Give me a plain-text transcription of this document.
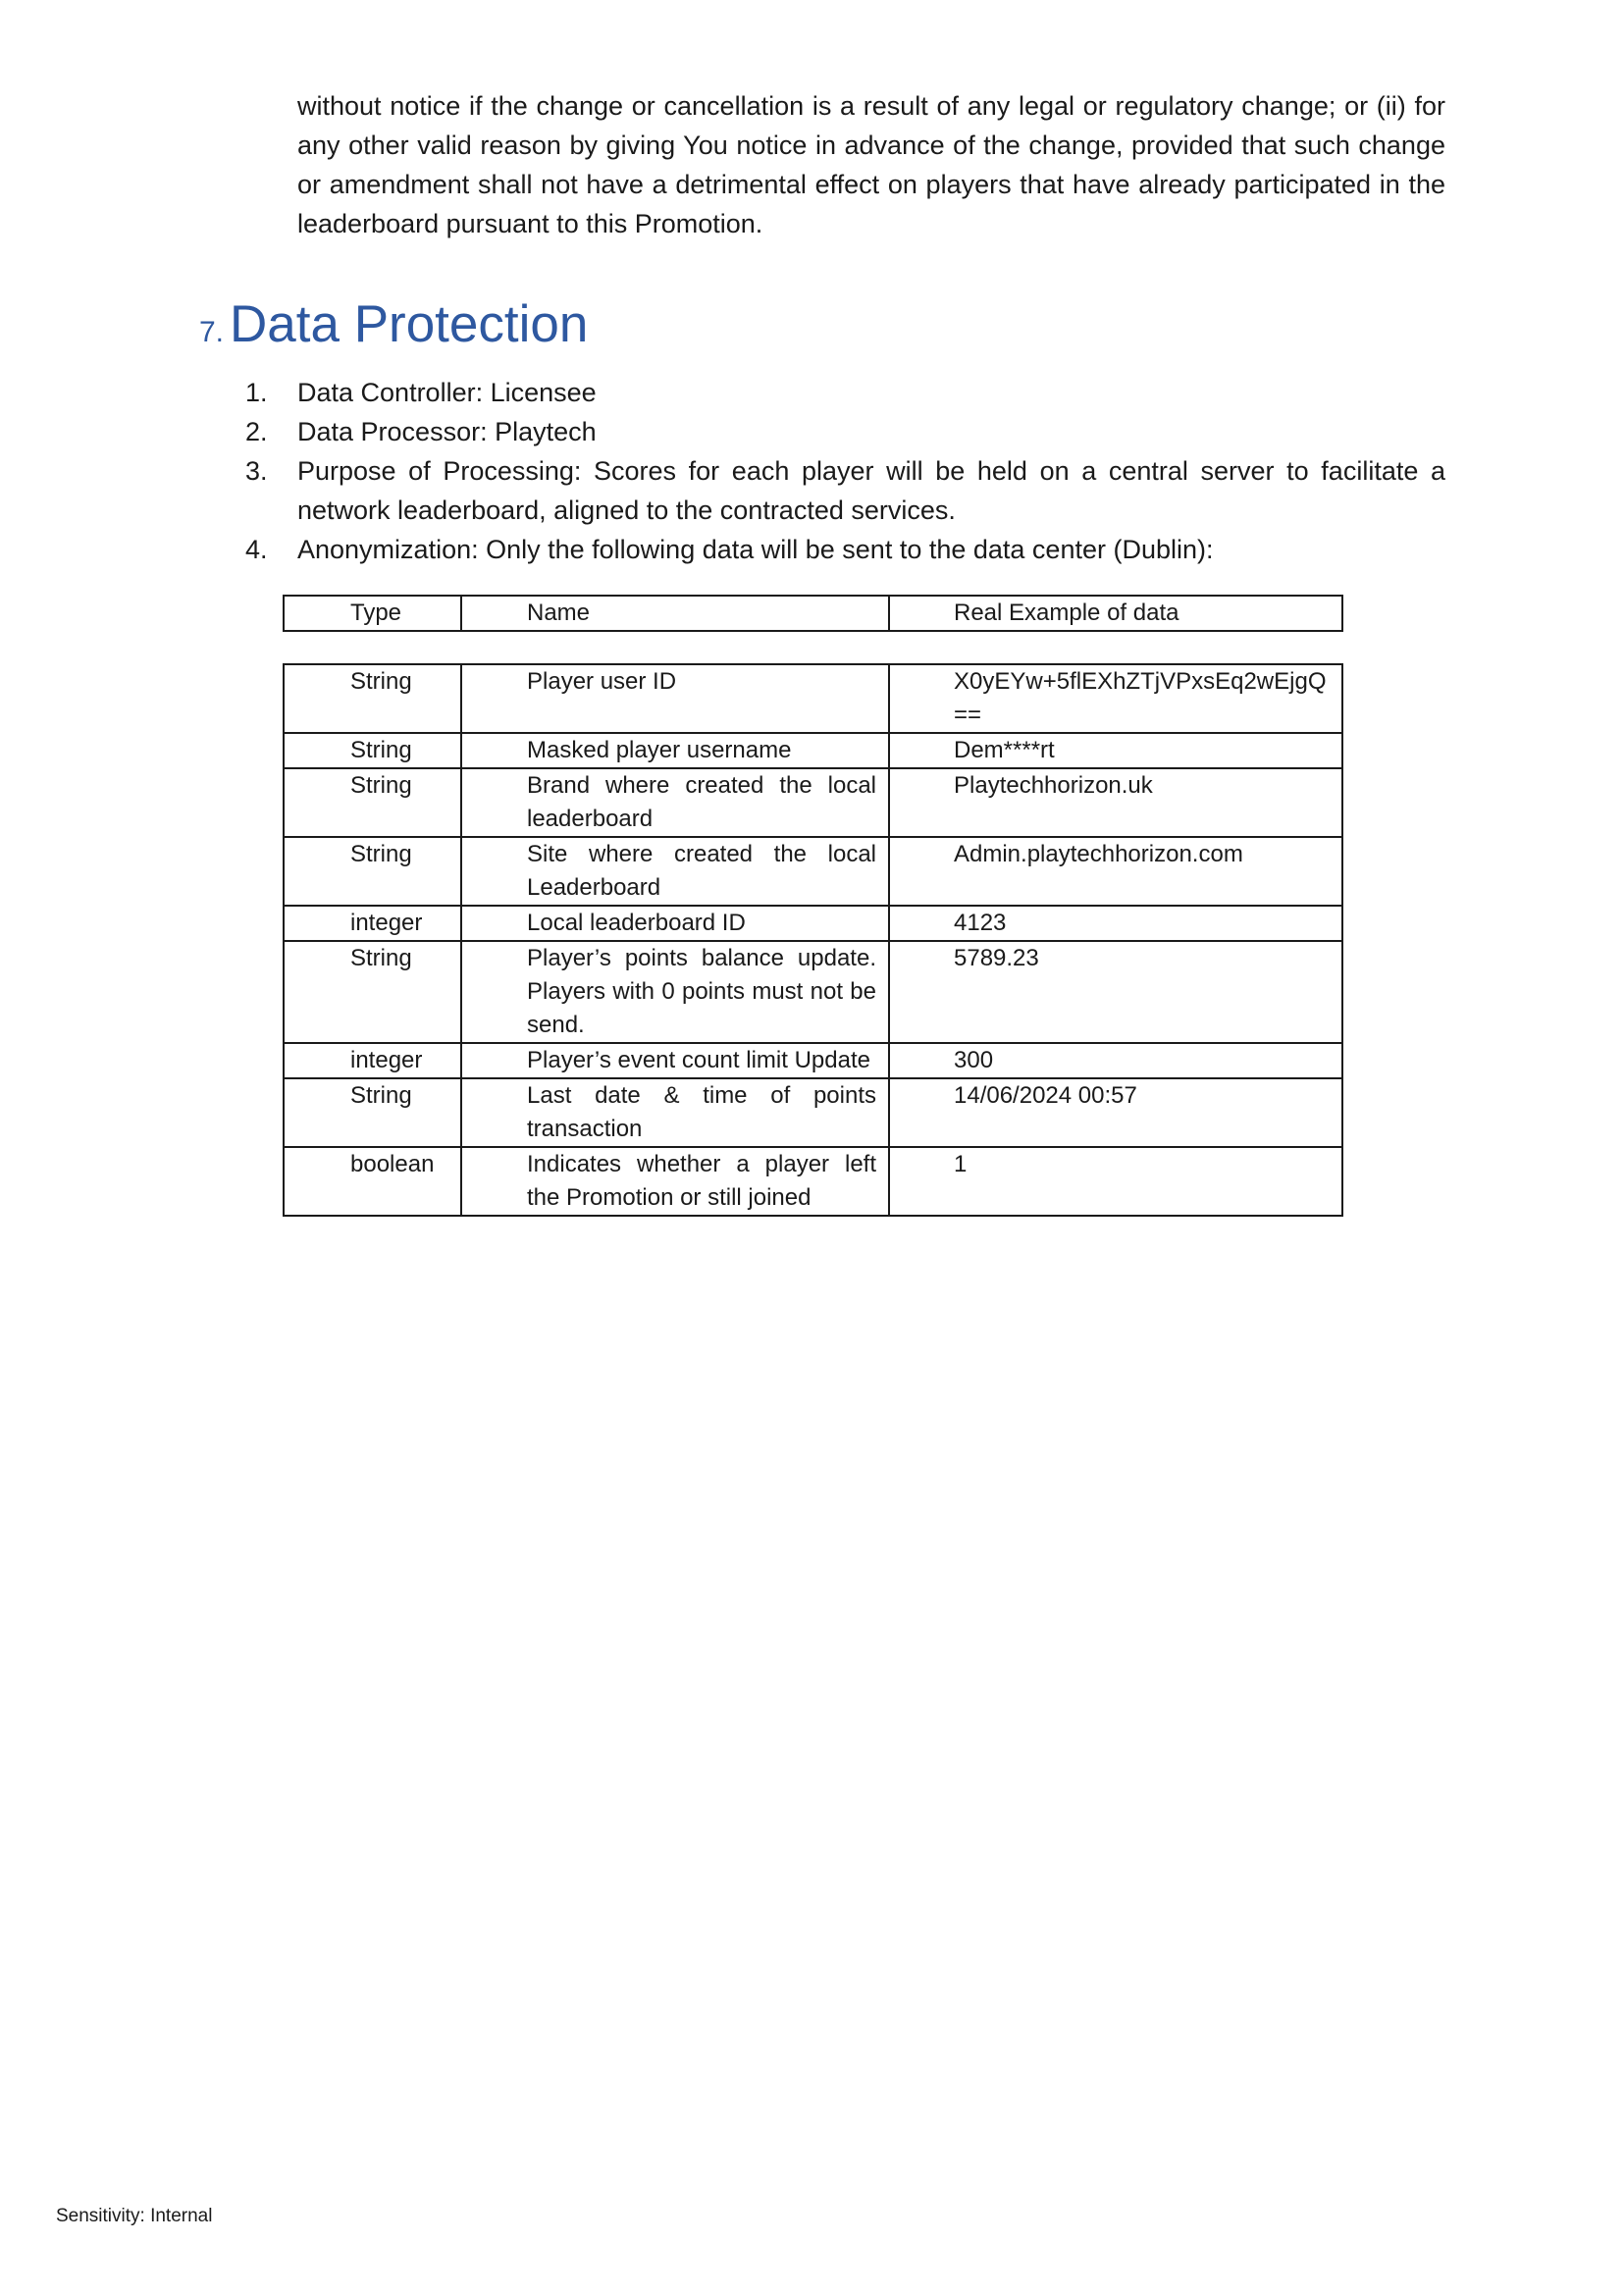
without notice if the change or cancellation is a result of any legal or regulatory change; or (ii) for any other valid reason by giving You notice in advance of the change, provided that such change or amendment shall not have a detrimental effect on players that have already participated in the leaderboard pursuant to this Promotion.
7. Data Protection
1. Data Controller: Licensee
2. Data Processor: Playtech
3. Purpose of Processing: Scores for each player will be held on a central server to facilitate a network leaderboard, aligned to the contracted services.
4. Anonymization: Only the following data will be sent to the data center (Dublin):
Type	Name	Real Example of data
String	Player user ID	X0yEYw+5flEXhZTjVPxsEq2wEjgQ==
String	Masked player username	Dem****rt
String	Brand where created the local leaderboard	Playtechhorizon.uk
String	Site where created the local Leaderboard	Admin.playtechhorizon.com
integer	Local leaderboard ID	4123
String	Player’s points balance update. Players with 0 points must not be send.	5789.23
integer	Player’s event count limit Update	300
String	Last date & time of points transaction	14/06/2024 00:57
boolean	Indicates whether a player left the Promotion or still joined	1
Sensitivity: Internal
